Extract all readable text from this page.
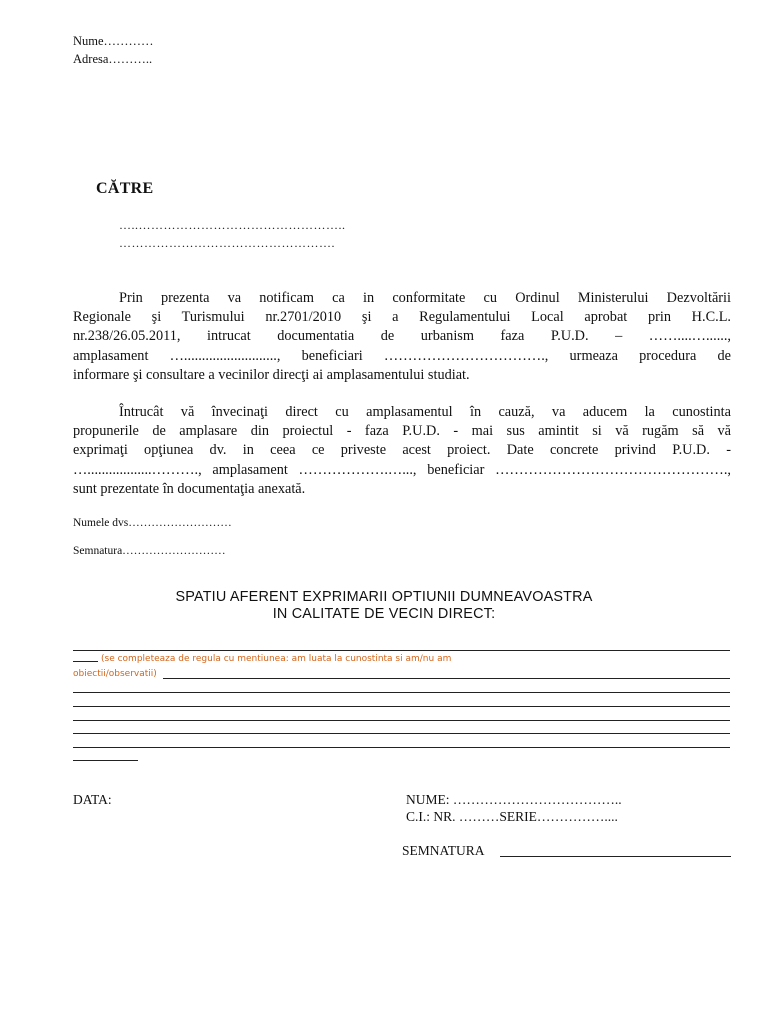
Nume…………
Adresa………..
CĂTRE
…..…………………………………………..
…………………………………………….
Prin prezenta va notificam ca in conformitate cu Ordinul Ministerului Dezvoltării
Regionale şi Turismului nr.2701/2010 şi a Regulamentului Local aprobat prin H.C.L.
nr.238/26.05.2011, intrucat documentatia de urbanism faza P.U.D. – ……....…......,
amplasament ….........................., beneficiari ……………………………., urmeaza procedura de
informare şi consultare a vecinilor direcţi ai amplasamentului studiat.
Întrucât vă învecinaţi direct cu amplasamentul în cauză, va aducem la cunostinta
propunerile de amplasare din proiectul - faza P.U.D. - mai sus amintit si vă rugăm să vă
exprimaţi opţiunea dv. in ceea ce priveste acest proiect. Date concrete privind P.U.D. -
…..................………., amplasament ……………….…..., beneficiar ………………………………………….,
sunt prezentate în documentaţia anexată.
Numele dvs………………………
Semnatura………………………
SPATIU AFERENT EXPRIMARII OPTIUNII DUMNEAVOASTRA
IN CALITATE DE VECIN DIRECT:
(se completeaza de regula cu mentiunea: am luata la cunostinta si am/nu am
obiectii/observatii)
DATA:	NUME: ………………………………..
C.I.: NR. ………SERIE……………....
SEMNATURA
